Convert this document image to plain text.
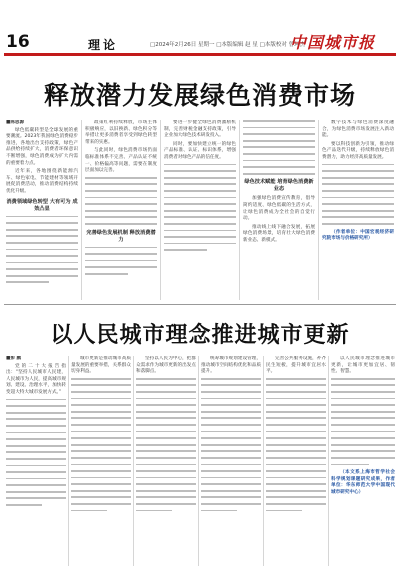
16	理论	□2024年2月26日 星期一 □本版编辑 赵 星 □本版校对 曾珂杰
中国城市报
释放潜力发展绿色消费市场
■陈思源

绿色低碳转型是全球发展的重要潮流。2023年我国绿色消费稳步推进，各地出台支持政策，绿色产品供给持续扩大，消费者环保意识不断增强，绿色消费成为扩大内需的重要着力点。

近年来，各地围绕新能源汽车、绿色家电、节能建材等领域开展促消费活动，推动消费结构持续优化升级。

消费领域绿色转型 大有可为 成效凸显

政策红利持续释放，市场主体积极响应，以旧换新、绿色积分等举措让更多消费者享受到绿色转型带来的实惠。

与此同时，绿色消费市场仍面临标准体系不完善、产品认证不统一、价格偏高等问题，需要在制度层面加以完善。

完善绿色发展机制 释放消费潜力

要进一步健全绿色消费激励机制，完善财税金融支持政策，引导企业加大绿色技术研发投入。

同时，要加快建立统一的绿色产品标准、认证、标识体系，增强消费者对绿色产品的信任度。

绿色技术赋能 培育绿色消费新业态

加强绿色消费宣传教育，倡导简约适度、绿色低碳的生活方式，让绿色消费成为全社会的自觉行动。

推动线上线下融合发展，拓展绿色消费场景，培育壮大绿色消费新业态、新模式。

数字技术与绿色消费深度融合，为绿色消费市场发展注入新动能。

要以科技创新为引领，推动绿色产品迭代升级，持续释放绿色消费潜力，助力经济高质量发展。

（作者单位：中国宏观经济研究院市场与价格研究所）

以人民城市理念推进城市更新
■彭 鹏

党的二十大报告指出：“坚持人民城市人民建，人民城市为人民，提高城市规划、建设、治理水平，加快转变超大特大城市发展方式。”

城市更新是推动城市高质量发展的重要举措，关系群众切身利益。

坚持以人民为中心，把群众需求作为城市更新的出发点和落脚点。

统筹城市规划建设管理，推动城市空间结构优化和品质提升。

完善公共服务设施，补齐民生短板，提升城市宜居水平。

以人民城市理念推进城市更新，让城市更加宜居、韧性、智慧。

（本文系上海市哲学社会科学规划课题研究成果，作者单位：华东师范大学中国现代城市研究中心）
